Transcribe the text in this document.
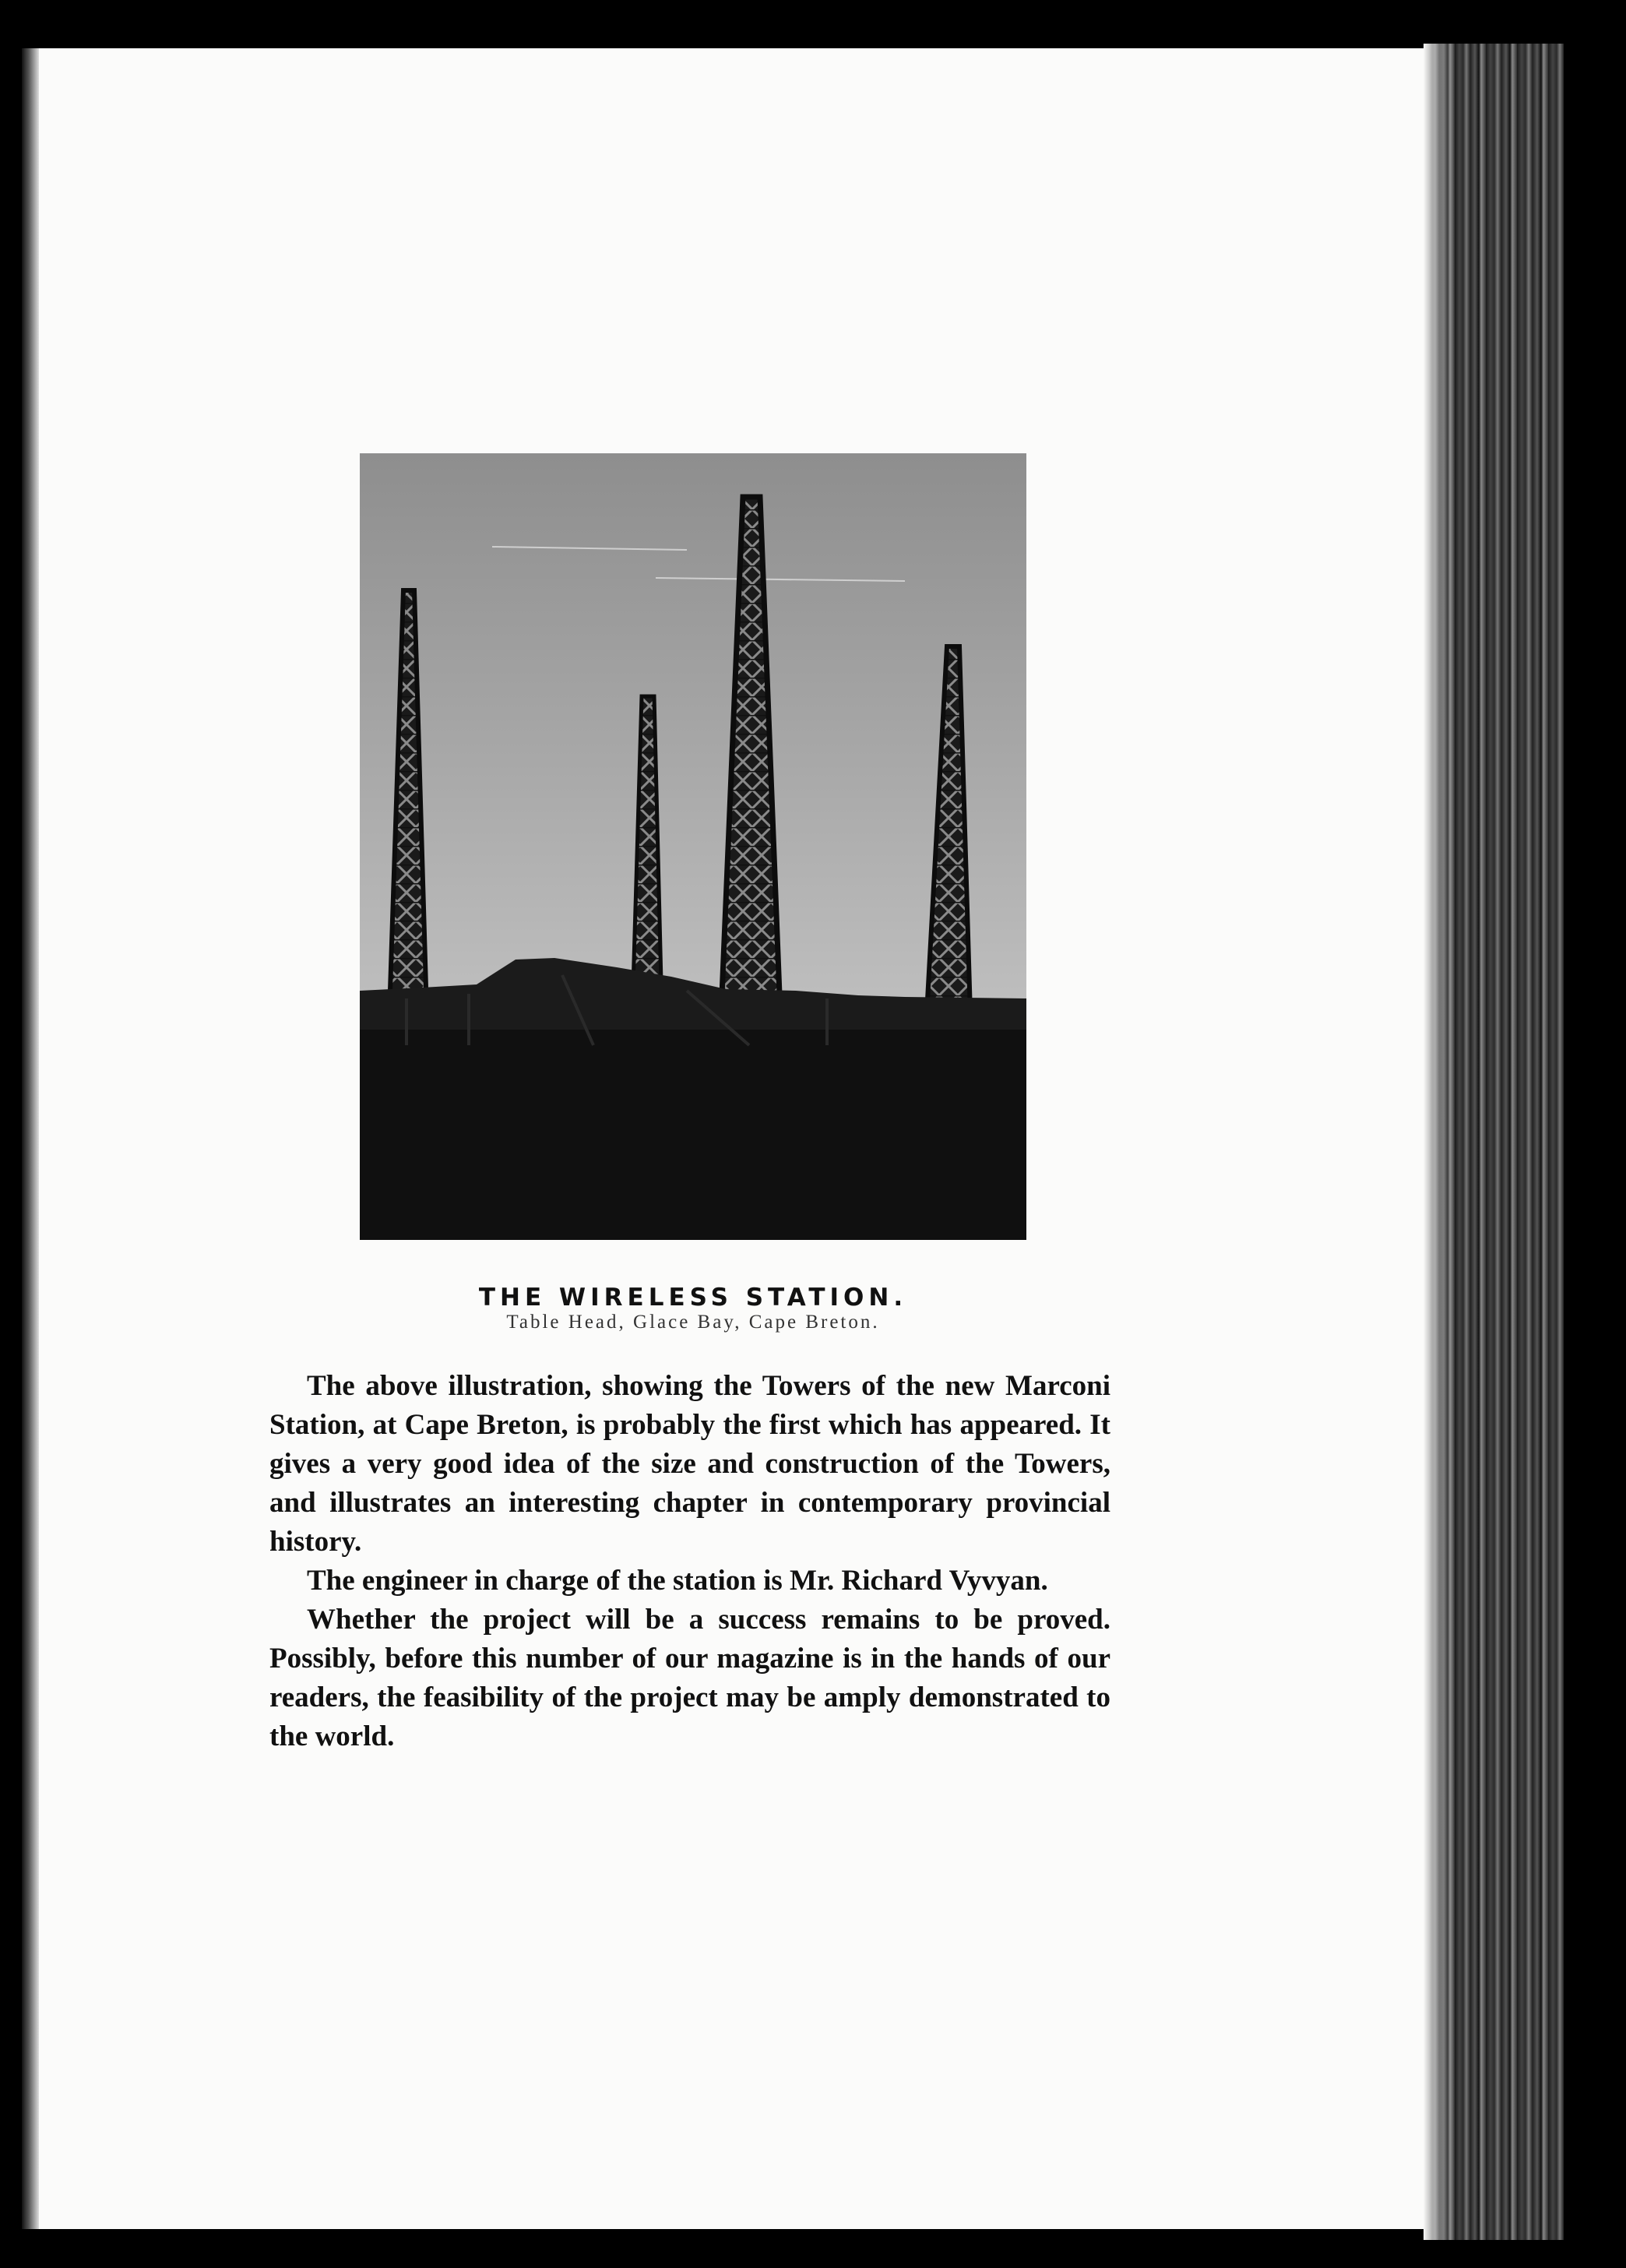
THE WIRELESS STATION.
Table Head, Glace Bay, Cape Breton.

The above illustration, showing the Towers of the new Marconi Station, at Cape Breton, is probably the first which has appeared. It gives a very good idea of the size and construction of the Towers, and illustrates an interesting chapter in contemporary provincial history.

The engineer in charge of the station is Mr. Richard Vyvyan.

Whether the project will be a success remains to be proved. Possibly, before this number of our magazine is in the hands of our readers, the feasibility of the project may be amply demonstrated to the world.
